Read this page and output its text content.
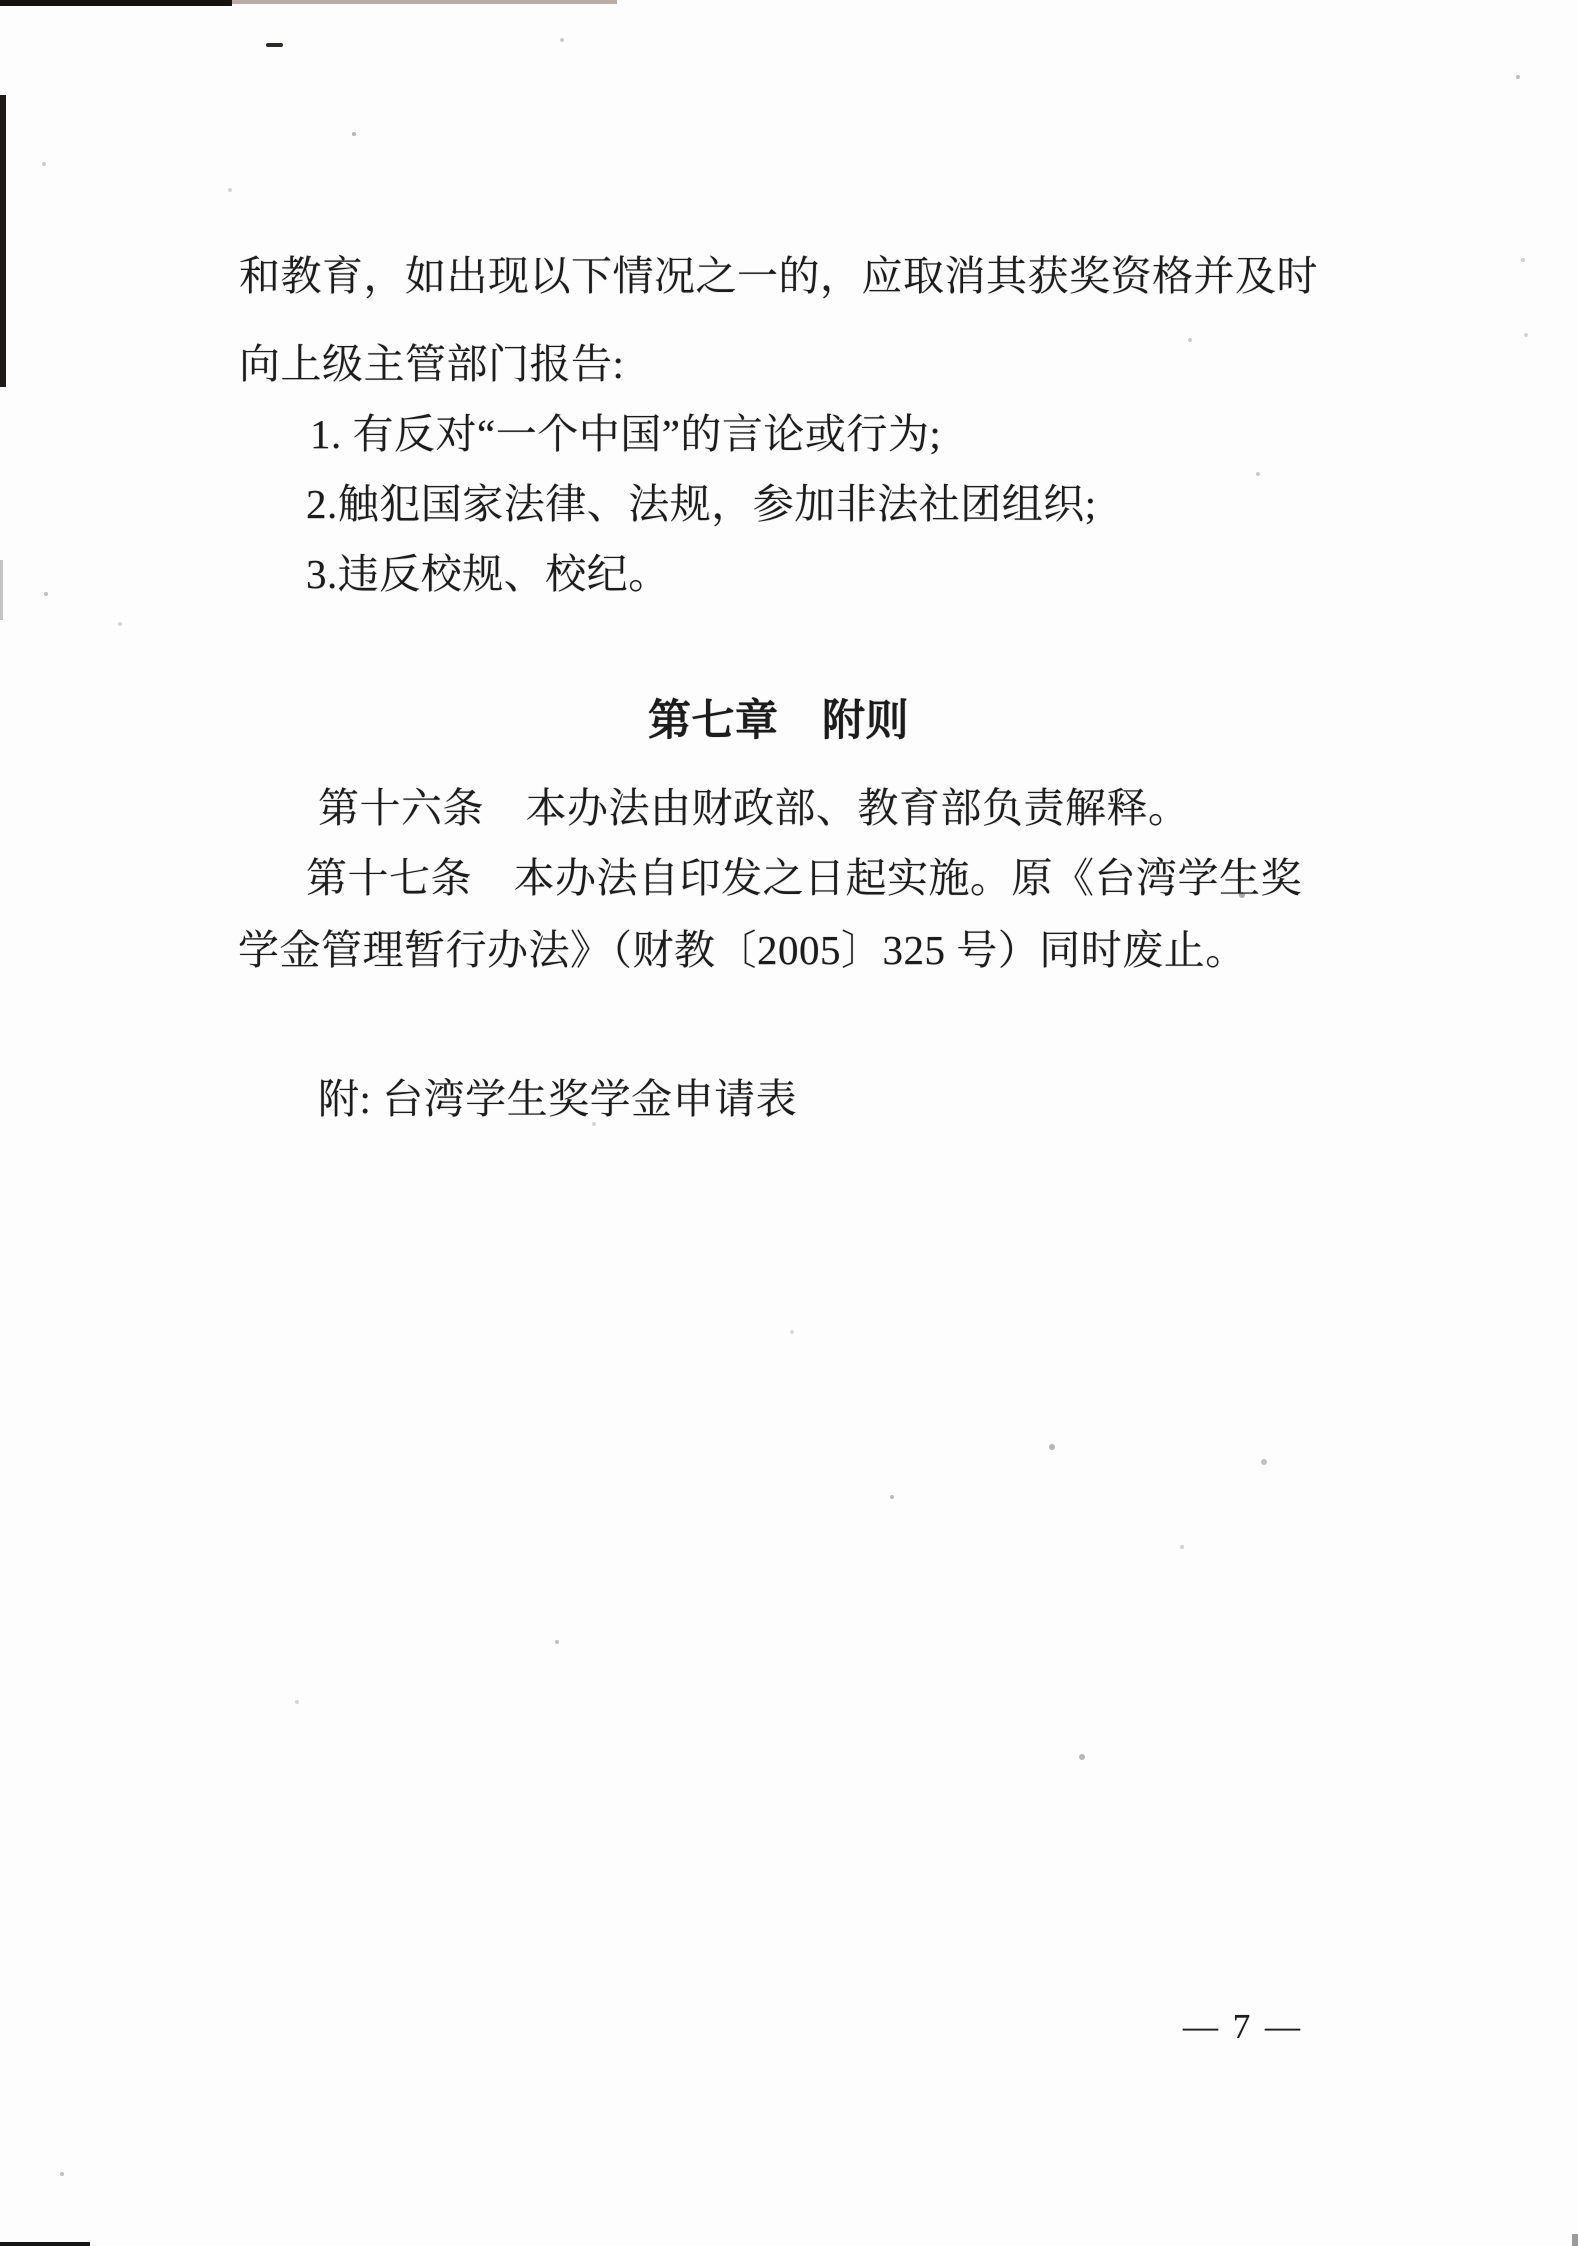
和教育，如出现以下情况之一的，应取消其获奖资格并及时
向上级主管部门报告:
1. 有反对“一个中国”的言论或行为;
2.触犯国家法律、法规，参加非法社团组织;
3.违反校规、校纪。
第七章　附则
第十六条　本办法由财政部、教育部负责解释。
第十七条　本办法自印发之日起实施。原《台湾学生奖
学金管理暂行办法》（财教〔2005〕325 号）同时废止。
附: 台湾学生奖学金申请表
— 7 —
